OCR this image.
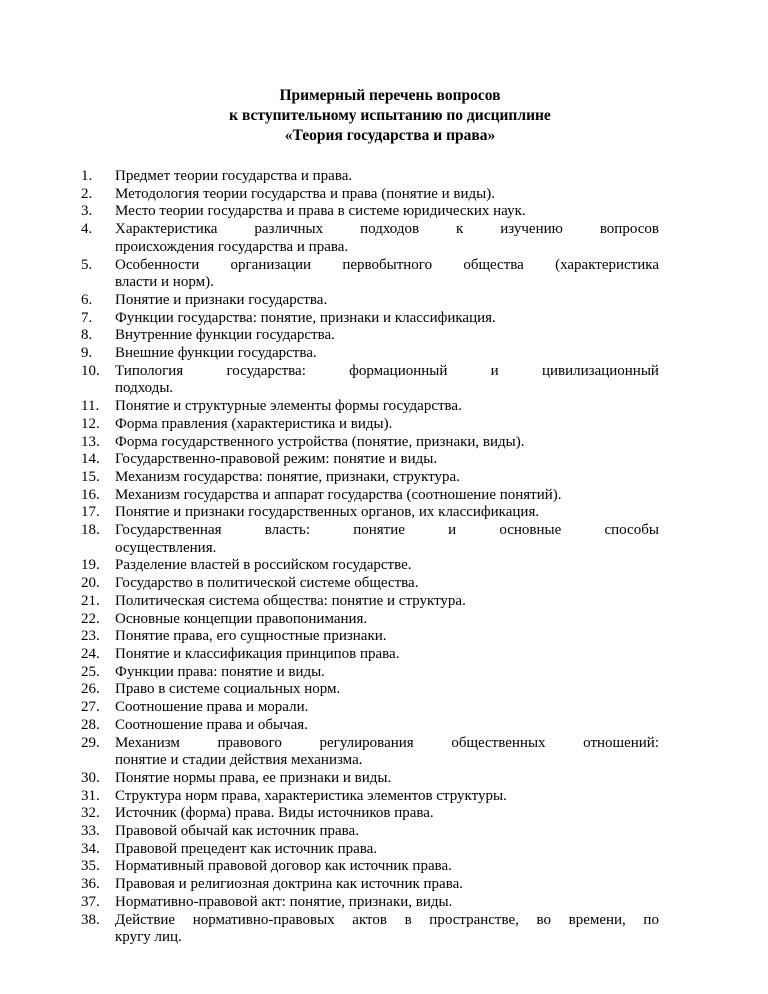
Примерный перечень вопросов
к вступительному испытанию по дисциплине
«Теория государства и права»
1.	Предмет теории государства и права.
2.	Методология теории государства и права (понятие и виды).
3.	Место теории государства и права в системе юридических наук.
4.	Характеристика различных подходов к изучению вопросов
происхождения государства и права.
5.	Особенности организации первобытного общества (характеристика
власти и норм).
6.	Понятие и признаки государства.
7.	Функции государства: понятие, признаки и классификация.
8.	Внутренние функции государства.
9.	Внешние функции государства.
10.	Типология	государства:	формационный	и	цивилизационный
подходы.
11.	Понятие и структурные элементы формы государства.
12.	Форма правления (характеристика и виды).
13.	Форма государственного устройства (понятие, признаки, виды).
14.	Государственно-правовой режим: понятие и виды.
15.	Механизм государства: понятие, признаки, структура.
16.	Механизм государства и аппарат государства (соотношение понятий).
17.	Понятие и признаки государственных органов, их классификация.
18.	Государственная	власть:	понятие	и	основные	способы
осуществления.
19.	Разделение властей в российском государстве.
20.	Государство в политической системе общества.
21.	Политическая система общества: понятие и структура.
22.	Основные концепции правопонимания.
23.	Понятие права, его сущностные признаки.
24.	Понятие и классификация принципов права.
25.	Функции права: понятие и виды.
26.	Право в системе социальных норм.
27.	Соотношение права и морали.
28.	Соотношение права и обычая.
29.	Механизм	правового	регулирования	общественных	отношений:
понятие и стадии действия механизма.
30.	Понятие нормы права, ее признаки и виды.
31.	Структура норм права, характеристика элементов структуры.
32.	Источник (форма) права. Виды источников права.
33.	Правовой обычай как источник права.
34.	Правовой прецедент как источник права.
35.	Нормативный правовой договор как источник права.
36.	Правовая и религиозная доктрина как источник права.
37.	Нормативно-правовой акт: понятие, признаки, виды.
38.	Действие нормативно-правовых актов в пространстве, во времени, по
кругу лиц.
